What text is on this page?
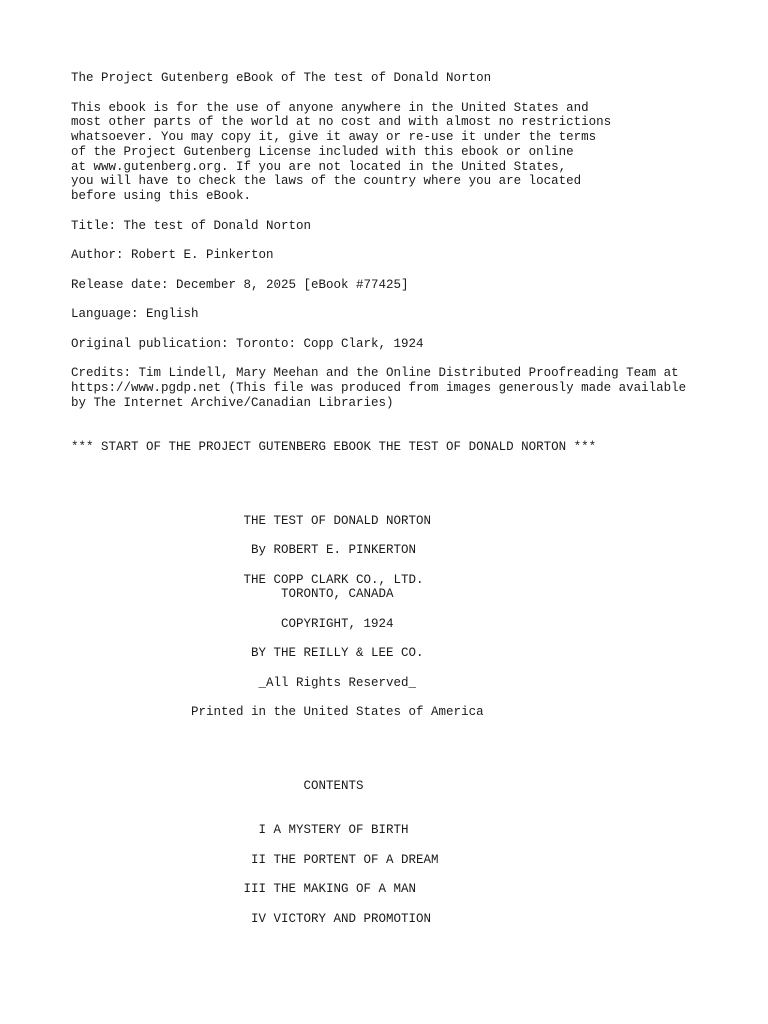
The Project Gutenberg eBook of The test of Donald Norton
This ebook is for the use of anyone anywhere in the United States and
most other parts of the world at no cost and with almost no restrictions
whatsoever. You may copy it, give it away or re-use it under the terms
of the Project Gutenberg License included with this ebook or online
at www.gutenberg.org. If you are not located in the United States,
you will have to check the laws of the country where you are located
before using this eBook.
Title: The test of Donald Norton
Author: Robert E. Pinkerton
Release date: December 8, 2025 [eBook #77425]
Language: English
Original publication: Toronto: Copp Clark, 1924
Credits: Tim Lindell, Mary Meehan and the Online Distributed Proofreading Team at
https://www.pgdp.net (This file was produced from images generously made available
by The Internet Archive/Canadian Libraries)
*** START OF THE PROJECT GUTENBERG EBOOK THE TEST OF DONALD NORTON ***
THE TEST OF DONALD NORTON
By ROBERT E. PINKERTON
THE COPP CLARK CO., LTD.
TORONTO, CANADA
COPYRIGHT, 1924
BY THE REILLY & LEE CO.
_All Rights Reserved_
Printed in the United States of America
CONTENTS
I A MYSTERY OF BIRTH
II THE PORTENT OF A DREAM
III THE MAKING OF A MAN
IV VICTORY AND PROMOTION
